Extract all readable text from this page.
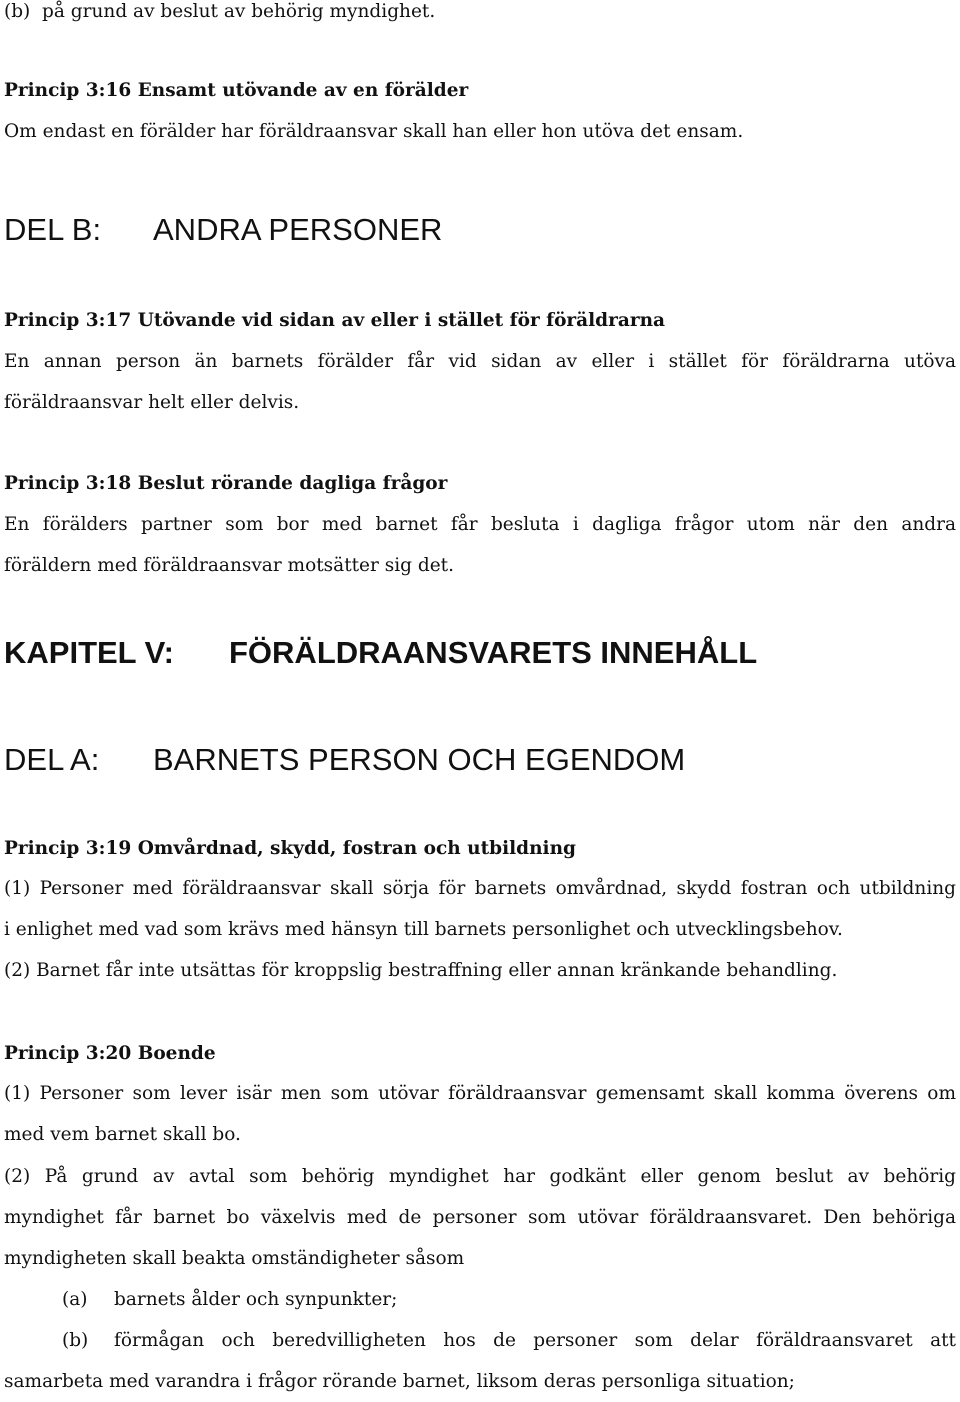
(b) på grund av beslut av behörig myndighet.
Princip 3:16 Ensamt utövande av en förälder
Om endast en förälder har föräldraansvar skall han eller hon utöva det ensam.
DEL B: ANDRA PERSONER
Princip 3:17 Utövande vid sidan av eller i stället för föräldrarna
En annan person än barnets förälder får vid sidan av eller i stället för föräldrarna utöva
föräldraansvar helt eller delvis.
Princip 3:18 Beslut rörande dagliga frågor
En förälders partner som bor med barnet får besluta i dagliga frågor utom när den andra
föräldern med föräldraansvar motsätter sig det.
KAPITEL V: FÖRÄLDRAANSVARETS INNEHÅLL
DEL A: BARNETS PERSON OCH EGENDOM
Princip 3:19 Omvårdnad, skydd, fostran och utbildning
(1) Personer med föräldraansvar skall sörja för barnets omvårdnad, skydd fostran och utbildning
i enlighet med vad som krävs med hänsyn till barnets personlighet och utvecklingsbehov.
(2) Barnet får inte utsättas för kroppslig bestraffning eller annan kränkande behandling.
Princip 3:20 Boende
(1) Personer som lever isär men som utövar föräldraansvar gemensamt skall komma överens om
med vem barnet skall bo.
(2) På grund av avtal som behörig myndighet har godkänt eller genom beslut av behörig
myndighet får barnet bo växelvis med de personer som utövar föräldraansvaret. Den behöriga
myndigheten skall beakta omständigheter såsom
(a) barnets ålder och synpunkter;
(b) förmågan och beredvilligheten hos de personer som delar föräldraansvaret att
samarbeta med varandra i frågor rörande barnet, liksom deras personliga situation;
